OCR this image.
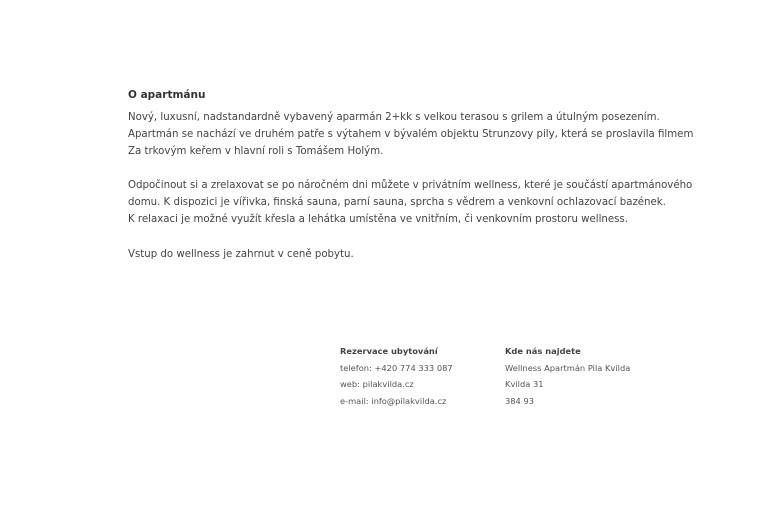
O apartmánu

Nový, luxusní, nadstandardně vybavený aparmán 2+kk s velkou terasou s grilem a útulným posezením.
Apartmán se nachází ve druhém patře s výtahem v bývalém objektu Strunzovy pily, která se proslavila filmem
Za trkovým keřem v hlavní roli s Tomášem Holým.

Odpočinout si a zrelaxovat se po náročném dni můžete v privátním wellness, které je součástí apartmánového
domu. K dispozici je vířivka, finská sauna, parní sauna, sprcha s vědrem a venkovní ochlazovací bazének.
K relaxaci je možné využít křesla a lehátka umístěna ve vnitřním, či venkovním prostoru wellness.

Vstup do wellness je zahrnut v ceně pobytu.

Rezervace ubytování
telefon: +420 774 333 087
web: pilakvilda.cz
e-mail: info@pilakvilda.cz
Kde nás najdete
Wellness Apartmán Pila Kvilda
Kvilda 31
384 93
